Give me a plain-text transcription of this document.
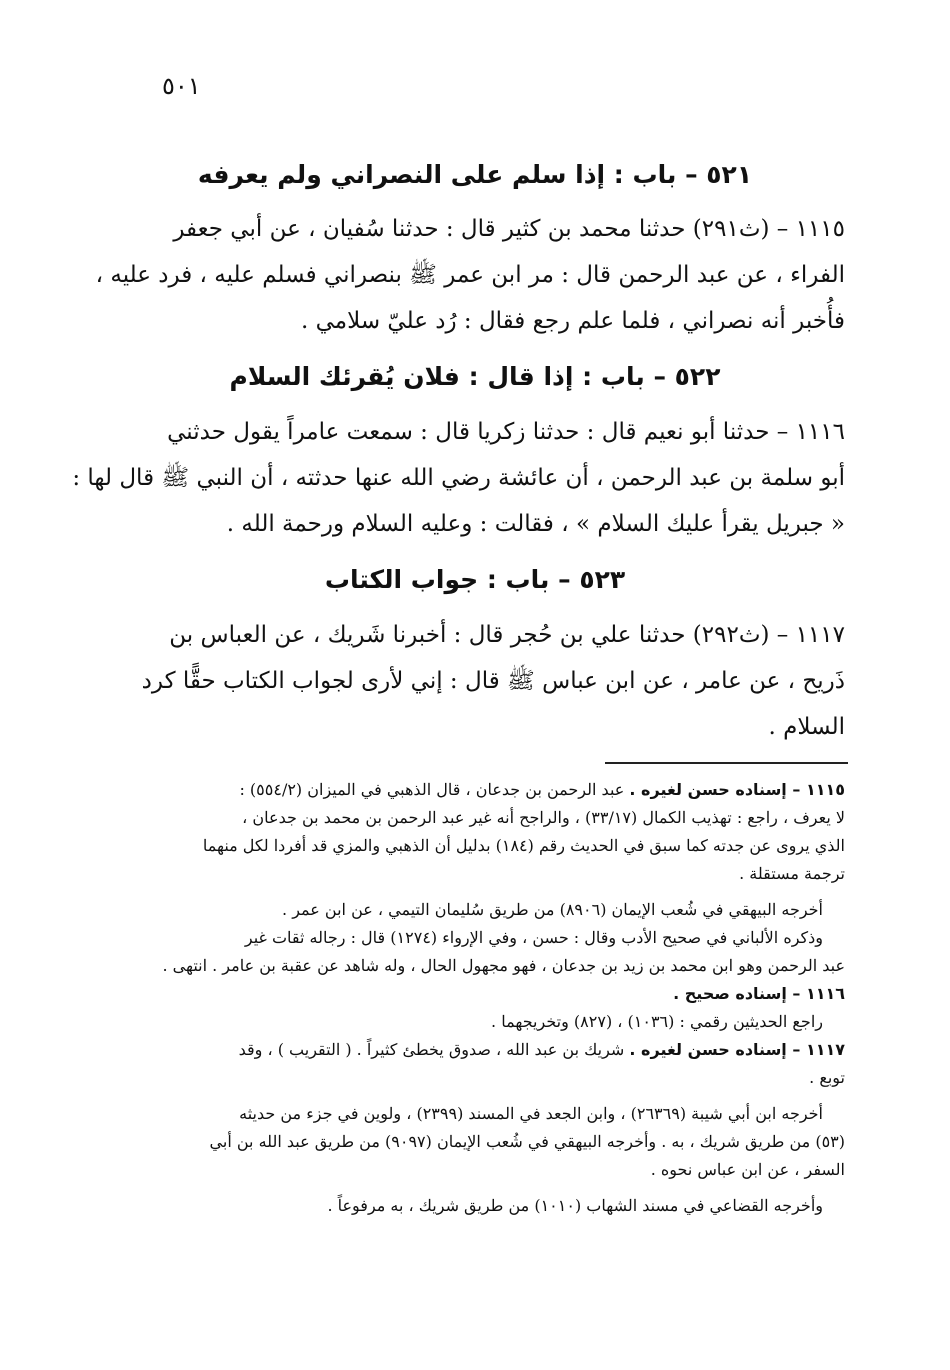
٥٠١
٥٢١ – باب : إذا سلم على النصراني ولم يعرفه
١١١٥ – (ث٢٩١) حدثنا محمد بن كثير قال : حدثنا سُفيان ، عن أبي جعفر
الفراء ، عن عبد الرحمن قال : مر ابن عمر ﷺ بنصراني فسلم عليه ، فرد عليه ،
فأُخبر أنه نصراني ، فلما علم رجع فقال : رُد عليّ سلامي .
٥٢٢ – باب : إذا قال : فلان يُقرئك السلام
١١١٦ – حدثنا أبو نعيم قال : حدثنا زكريا قال : سمعت عامراً يقول حدثني
أبو سلمة بن عبد الرحمن ، أن عائشة رضي الله عنها حدثته ، أن النبي ﷺ قال لها :
« جبريل يقرأ عليك السلام » ، فقالت : وعليه السلام ورحمة الله .
٥٢٣ – باب : جواب الكتاب
١١١٧ – (ث٢٩٢) حدثنا علي بن حُجر قال : أخبرنا شَريك ، عن العباس بن
ذَريح ، عن عامر ، عن ابن عباس ﷺ قال : إني لأرى لجواب الكتاب حقًّا كرد
السلام .
١١١٥ – إسناده حسن لغيره . عبد الرحمن بن جدعان ، قال الذهبي في الميزان (٥٥٤/٢) :
لا يعرف ، راجع : تهذيب الكمال (٣٣/١٧) ، والراجح أنه غير عبد الرحمن بن محمد بن جدعان ،
الذي يروى عن جدته كما سبق في الحديث رقم (١٨٤) بدليل أن الذهبي والمزي قد أفردا لكل منهما
ترجمة مستقلة .
أخرجه البيهقي في شُعب الإيمان (٨٩٠٦) من طريق سُليمان التيمي ، عن ابن عمر .
وذكره الألباني في صحيح الأدب وقال : حسن ، وفي الإرواء (١٢٧٤) قال : رجاله ثقات غير
عبد الرحمن وهو ابن محمد بن زيد بن جدعان ، فهو مجهول الحال ، وله شاهد عن عقبة بن عامر . انتهى .
١١١٦ – إسناده صحيح .
راجع الحديثين رقمي : (١٠٣٦) ، (٨٢٧) وتخريجهما .
١١١٧ – إسناده حسن لغيره . شريك بن عبد الله ، صدوق يخطئ كثيراً . ( التقريب ) ، وقد
توبع .
أخرجه ابن أبي شيبة (٢٦٣٦٩) ، وابن الجعد في المسند (٢٣٩٩) ، ولوين في جزء من حديثه
(٥٣) من طريق شريك ، به . وأخرجه البيهقي في شُعب الإيمان (٩٠٩٧) من طريق عبد الله بن أبي
السفر ، عن ابن عباس نحوه .
وأخرجه القضاعي في مسند الشهاب (١٠١٠) من طريق شريك ، به مرفوعاً .
